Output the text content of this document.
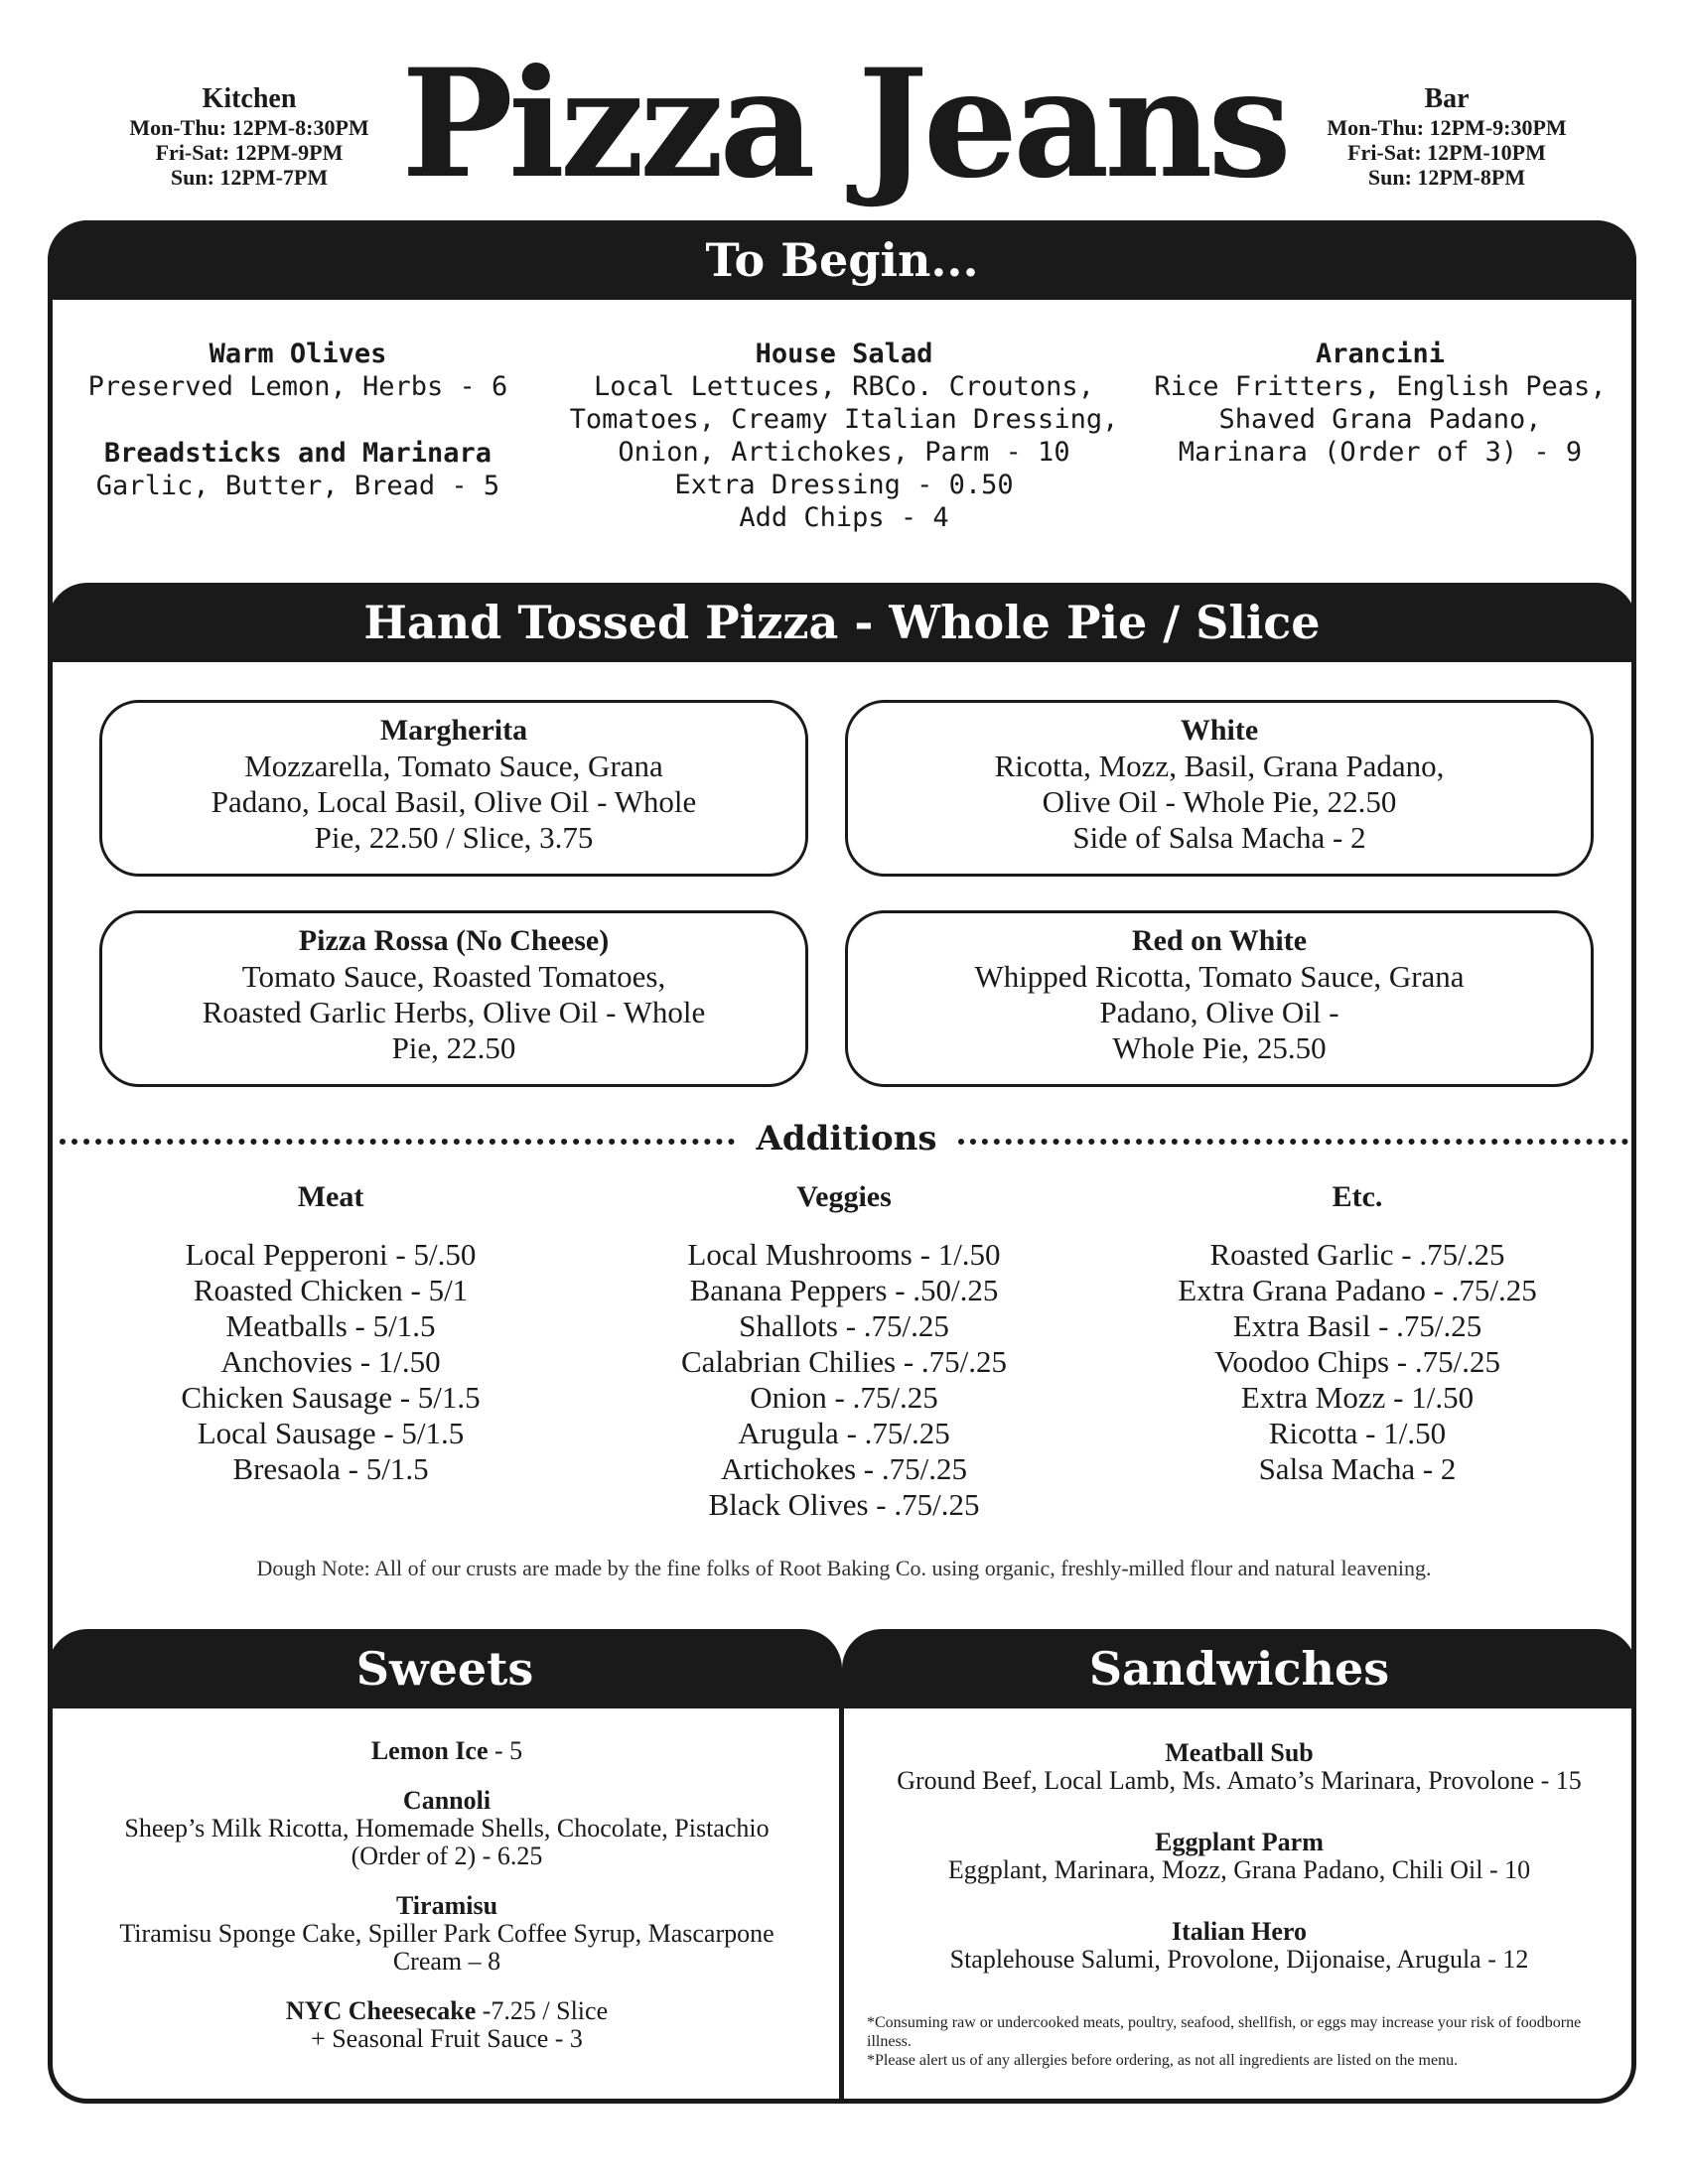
Kitchen
Mon-Thu: 12PM-8:30PM
Fri-Sat: 12PM-9PM
Sun: 12PM-7PM Pizza Jeans	Bar
Mon-Thu: 12PM-9:30PM
Fri-Sat: 12PM-10PM
Sun: 12PM-8PM
To Begin...
Warm Olives
Preserved Lemon, Herbs - 6
Breadsticks and Marinara
Garlic, Butter, Bread - 5
House Salad
Local Lettuces, RBCo. Croutons,
Tomatoes, Creamy Italian Dressing,
Onion, Artichokes, Parm - 10
Extra Dressing - 0.50
Add Chips - 4
Arancini
Rice Fritters, English Peas,
Shaved Grana Padano,
Marinara (Order of 3) - 9
Hand Tossed Pizza - Whole Pie / Slice
Margherita
Mozzarella, Tomato Sauce, Grana
Padano, Local Basil, Olive Oil - Whole
Pie, 22.50 / Slice, 3.75
White
Ricotta, Mozz, Basil, Grana Padano,
Olive Oil - Whole Pie, 22.50
Side of Salsa Macha - 2
Pizza Rossa (No Cheese)
Tomato Sauce, Roasted Tomatoes,
Roasted Garlic Herbs, Olive Oil - Whole
Pie, 22.50
Red on White
Whipped Ricotta, Tomato Sauce, Grana
Padano, Olive Oil -
Whole Pie, 25.50
Additions
Meat
Local Pepperoni - 5/.50
Roasted Chicken - 5/1
Meatballs - 5/1.5
Anchovies - 1/.50
Chicken Sausage - 5/1.5
Local Sausage - 5/1.5
Bresaola - 5/1.5
Veggies
Local Mushrooms - 1/.50
Banana Peppers - .50/.25
Shallots - .75/.25
Calabrian Chilies - .75/.25
Onion - .75/.25
Arugula - .75/.25
Artichokes - .75/.25
Black Olives - .75/.25
Etc.
Roasted Garlic - .75/.25
Extra Grana Padano - .75/.25
Extra Basil - .75/.25
Voodoo Chips - .75/.25
Extra Mozz - 1/.50
Ricotta - 1/.50
Salsa Macha - 2
Dough Note: All of our crusts are made by the fine folks of Root Baking Co. using organic, freshly-milled flour and natural leavening.
Sweets	Sandwiches
Lemon Ice - 5
Cannoli
Sheep’s Milk Ricotta, Homemade Shells, Chocolate, Pistachio
(Order of 2) - 6.25
Tiramisu
Tiramisu Sponge Cake, Spiller Park Coffee Syrup, Mascarpone
Cream – 8
NYC Cheesecake -7.25 / Slice
+ Seasonal Fruit Sauce - 3
Meatball Sub
Ground Beef, Local Lamb, Ms. Amato’s Marinara, Provolone - 15
Eggplant Parm
Eggplant, Marinara, Mozz, Grana Padano, Chili Oil - 10
Italian Hero
Staplehouse Salumi, Provolone, Dijonaise, Arugula - 12
*Consuming raw or undercooked meats, poultry, seafood, shellfish, or eggs may increase your risk of foodborne illness.
*Please alert us of any allergies before ordering, as not all ingredients are listed on the menu.
